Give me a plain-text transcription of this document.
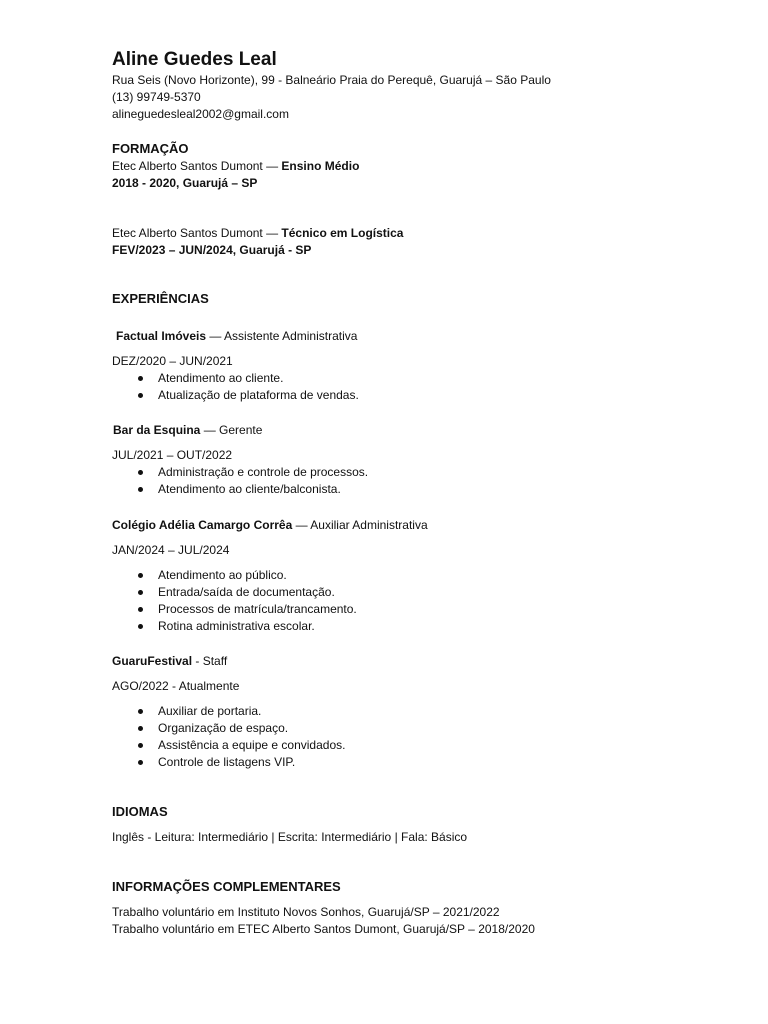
Aline Guedes Leal
Rua Seis (Novo Horizonte), 99 - Balneário Praia do Perequê, Guarujá – São Paulo
(13) 99749-5370
alineguedesleal2002@gmail.com
FORMAÇÃO
Etec Alberto Santos Dumont — Ensino Médio
2018 - 2020, Guarujá – SP
Etec Alberto Santos Dumont — Técnico em Logística
FEV/2023 – JUN/2024, Guarujá - SP
EXPERIÊNCIAS
Factual Imóveis — Assistente Administrativa
DEZ/2020 – JUN/2021
Atendimento ao cliente.
Atualização de plataforma de vendas.
Bar da Esquina — Gerente
JUL/2021 – OUT/2022
Administração e controle de processos.
Atendimento ao cliente/balconista.
Colégio Adélia Camargo Corrêa — Auxiliar Administrativa
JAN/2024 – JUL/2024
Atendimento ao público.
Entrada/saída de documentação.
Processos de matrícula/trancamento.
Rotina administrativa escolar.
GuaruFestival - Staff
AGO/2022 - Atualmente
Auxiliar de portaria.
Organização de espaço.
Assistência a equipe e convidados.
Controle de listagens VIP.
IDIOMAS
Inglês - Leitura: Intermediário | Escrita: Intermediário | Fala: Básico
INFORMAÇÕES COMPLEMENTARES
Trabalho voluntário em Instituto Novos Sonhos, Guarujá/SP – 2021/2022
Trabalho voluntário em ETEC Alberto Santos Dumont, Guarujá/SP – 2018/2020
